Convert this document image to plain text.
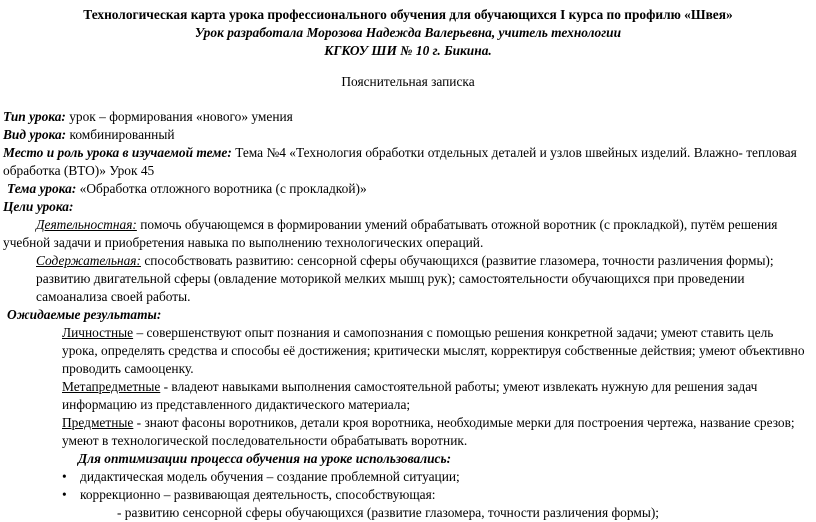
Технологическая карта урока профессионального обучения для обучающихся I курса по профилю «Швея»
Урок разработала Морозова Надежда Валерьевна, учитель технологии
КГКОУ ШИ № 10 г. Бикина.
Пояснительная записка
Тип урока: урок – формирования «нового» умения
Вид урока: комбинированный
Место и роль урока в изучаемой теме: Тема №4 «Технология обработки отдельных деталей и узлов швейных изделий. Влажно- тепловая
обработка (ВТО)» Урок 45
Тема урока: «Обработка отложного воротника (с прокладкой)»
Цели урока:
Деятельностная: помочь обучающемся в формировании умений обрабатывать отожной воротник (с прокладкой), путём решения
учебной задачи и приобретения навыка по выполнению технологических операций.
Содержательная: способствовать развитию: сенсорной сферы обучающихся (развитие глазомера, точности различения формы);
развитию двигательной сферы (овладение моторикой мелких мышц рук); самостоятельности обучающихся при проведении
самоанализа своей работы.
Ожидаемые результаты:
Личностные – совершенствуют опыт познания и самопознания с помощью решения конкретной задачи; умеют ставить цель
урока, определять средства и способы её достижения; критически мыслят, корректируя собственные действия; умеют объективно
проводить самооценку.
Метапредметные - владеют навыками выполнения самостоятельной работы; умеют извлекать нужную для решения задач
информацию из представленного дидактического материала;
Предметные - знают фасоны воротников, детали кроя воротника, необходимые мерки для построения чертежа, название срезов;
умеют в технологической последовательности обрабатывать воротник.
Для оптимизации процесса обучения на уроке использовались:
• дидактическая модель обучения – создание проблемной ситуации;
• коррекционно – развивающая деятельность, способствующая:
- развитию сенсорной сферы обучающихся (развитие глазомера, точности различения формы);
